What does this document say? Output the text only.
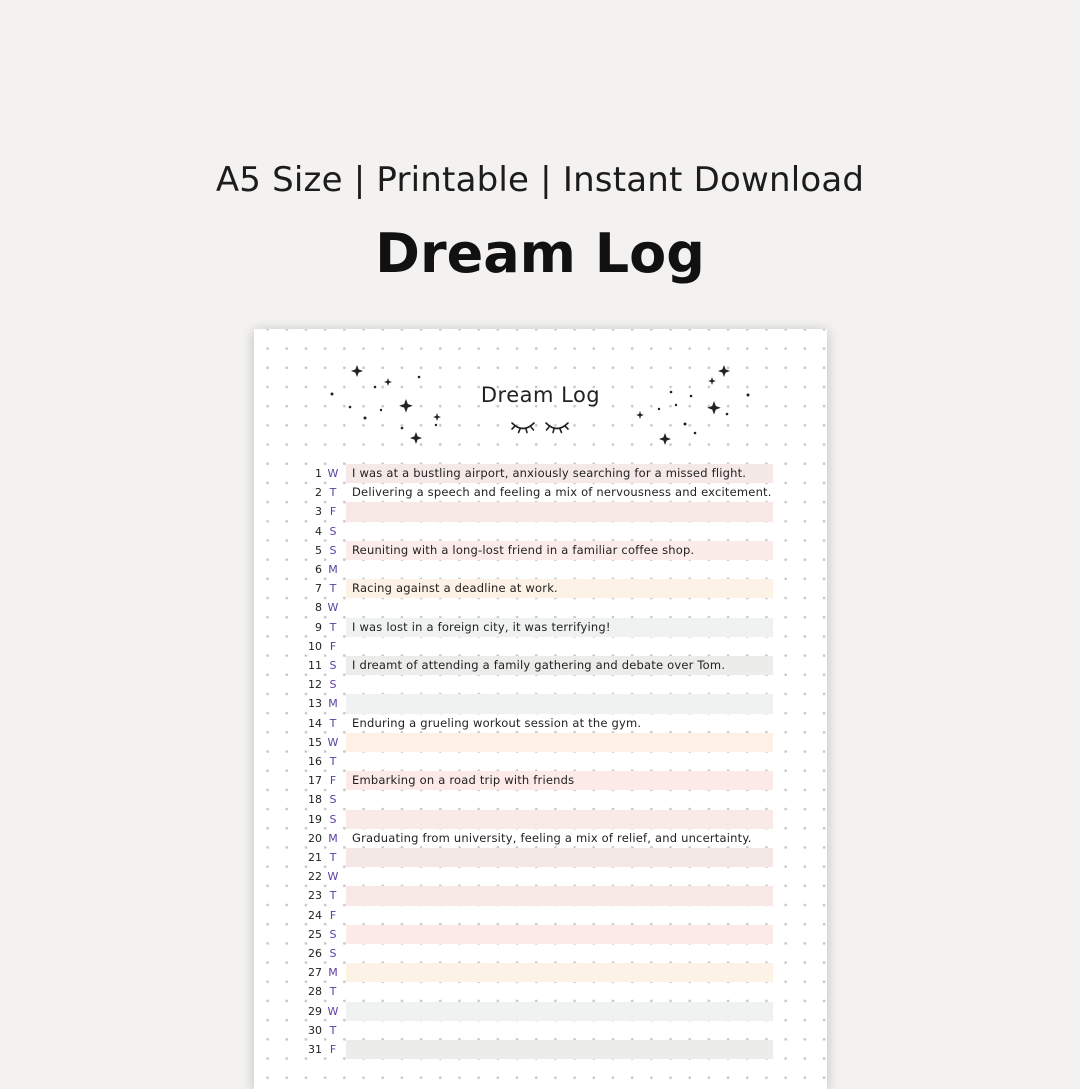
A5 Size | Printable | Instant Download
Dream Log
Dream Log
1 W I was at a bustling airport, anxiously searching for a missed flight.
2 T	Delivering a speech and feeling a mix of nervousness and excitement.
3 F
4 S
5 S	Reuniting with a long-lost friend in a familiar coffee shop.
6 M
7 T	Racing against a deadline at work.
8 W
9 T	I was lost in a foreign city, it was terrifying!
10 F
11 S	I dreamt of attending a family gathering and debate over Tom.
12 S
13 M
14 T	Enduring a grueling workout session at the gym.
15 W
16 T
17 F	Embarking on a road trip with friends
18 S
19 S
20 M Graduating from university, feeling a mix of relief, and uncertainty.
21 T
22 W
23 T
24 F
25 S
26 S
27 M
28 T
29 W
30 T
31 F
